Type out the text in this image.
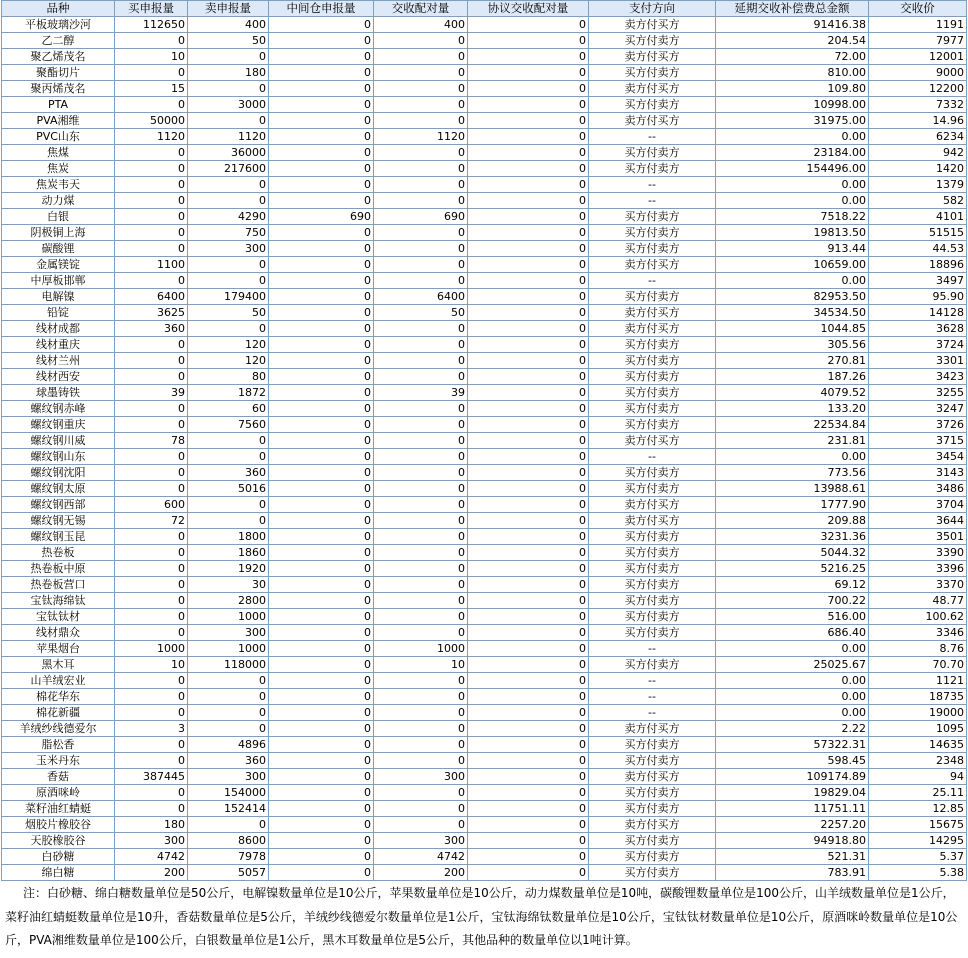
品种	买申报量	卖申报量	中间仓申报量	交收配对量	协议交收配对量	支付方向	延期交收补偿费总金额	交收价
平板玻璃沙河	112650	400	0	400	0	卖方付买方	91416.38	1191
乙二醇	0	50	0	0	0	买方付卖方	204.54	7977
聚乙烯茂名	10	0	0	0	0	卖方付买方	72.00	12001
聚酯切片	0	180	0	0	0	买方付卖方	810.00	9000
聚丙烯茂名	15	0	0	0	0	卖方付买方	109.80	12200
PTA	0	3000	0	0	0	买方付卖方	10998.00	7332
PVA湘维	50000	0	0	0	0	卖方付买方	31975.00	14.96
PVC山东	1120	1120	0	1120	0	--	0.00	6234
焦煤	0	36000	0	0	0	买方付卖方	23184.00	942
焦炭	0	217600	0	0	0	买方付卖方	154496.00	1420
焦炭韦天	0	0	0	0	0	--	0.00	1379
动力煤	0	0	0	0	0	--	0.00	582
白银	0	4290	690	690	0	买方付卖方	7518.22	4101
阴极铜上海	0	750	0	0	0	买方付卖方	19813.50	51515
碳酸锂	0	300	0	0	0	买方付卖方	913.44	44.53
金属镁锭	1100	0	0	0	0	卖方付买方	10659.00	18896
中厚板邯郸	0	0	0	0	0	--	0.00	3497
电解镍	6400	179400	0	6400	0	买方付卖方	82953.50	95.90
铅锭	3625	50	0	50	0	卖方付买方	34534.50	14128
线材成都	360	0	0	0	0	卖方付买方	1044.85	3628
线材重庆	0	120	0	0	0	买方付卖方	305.56	3724
线材兰州	0	120	0	0	0	买方付卖方	270.81	3301
线材西安	0	80	0	0	0	买方付卖方	187.26	3423
球墨铸铁	39	1872	0	39	0	买方付卖方	4079.52	3255
螺纹钢赤峰	0	60	0	0	0	买方付卖方	133.20	3247
螺纹钢重庆	0	7560	0	0	0	买方付卖方	22534.84	3726
螺纹钢川威	78	0	0	0	0	卖方付买方	231.81	3715
螺纹钢山东	0	0	0	0	0	--	0.00	3454
螺纹钢沈阳	0	360	0	0	0	买方付卖方	773.56	3143
螺纹钢太原	0	5016	0	0	0	买方付卖方	13988.61	3486
螺纹钢西部	600	0	0	0	0	卖方付买方	1777.90	3704
螺纹钢无锡	72	0	0	0	0	卖方付买方	209.88	3644
螺纹钢玉昆	0	1800	0	0	0	买方付卖方	3231.36	3501
热卷板	0	1860	0	0	0	买方付卖方	5044.32	3390
热卷板中原	0	1920	0	0	0	买方付卖方	5216.25	3396
热卷板营口	0	30	0	0	0	买方付卖方	69.12	3370
宝钛海绵钛	0	2800	0	0	0	买方付卖方	700.22	48.77
宝钛钛材	0	1000	0	0	0	买方付卖方	516.00	100.62
线材鼎众	0	300	0	0	0	买方付卖方	686.40	3346
苹果烟台	1000	1000	0	1000	0	--	0.00	8.76
黑木耳	10	118000	0	10	0	买方付卖方	25025.67	70.70
山羊绒宏业	0	0	0	0	0	--	0.00	1121
棉花华东	0	0	0	0	0	--	0.00	18735
棉花新疆	0	0	0	0	0	--	0.00	19000
羊绒纱线德爱尔	3	0	0	0	0	卖方付买方	2.22	1095
脂松香	0	4896	0	0	0	买方付卖方	57322.31	14635
玉米丹东	0	360	0	0	0	买方付卖方	598.45	2348
香菇	387445	300	0	300	0	卖方付买方	109174.89	94
原酒咪岭	0	154000	0	0	0	买方付卖方	19829.04	25.11
菜籽油红蜻蜓	0	152414	0	0	0	买方付卖方	11751.11	12.85
烟胶片橡胶谷	180	0	0	0	0	卖方付买方	2257.20	15675
天胶橡胶谷	300	8600	0	300	0	买方付卖方	94918.80	14295
白砂糖	4742	7978	0	4742	0	买方付卖方	521.31	5.37
绵白糖	200	5057	0	200	0	买方付卖方	783.91	5.38
注：白砂糖、绵白糖数量单位是50公斤，电解镍数量单位是10公斤，苹果数量单位是10公斤，动力煤数量单位是10吨，碳酸锂数量单位是100公斤，山羊绒数量单位是1公斤，菜籽油红蜻蜓数量单位是10升，香菇数量单位是5公斤，羊绒纱线德爱尔数量单位是1公斤，宝钛海绵钛数量单位是10公斤，宝钛钛材数量单位是10公斤，原酒咪岭数量单位是10公斤，PVA湘维数量单位是100公斤，白银数量单位是1公斤，黑木耳数量单位是5公斤，其他品种的数量单位以1吨计算。
